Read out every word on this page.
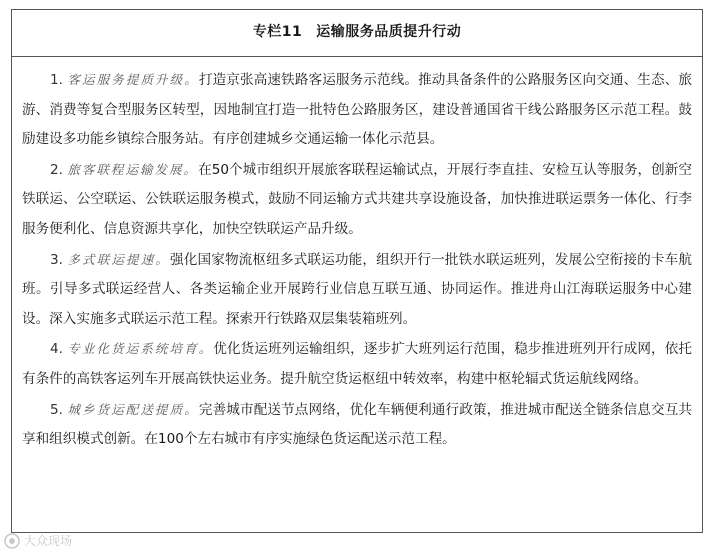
专栏11 运输服务品质提升行动

1. 客运服务提质升级。打造京张高速铁路客运服务示范线。推动具备条件的公路服务区向交通、生态、旅游、消费等复合型服务区转型，因地制宜打造一批特色公路服务区，建设普通国省干线公路服务区示范工程。鼓励建设多功能乡镇综合服务站。有序创建城乡交通运输一体化示范县。

2. 旅客联程运输发展。在50个城市组织开展旅客联程运输试点，开展行李直挂、安检互认等服务，创新空铁联运、公空联运、公铁联运服务模式，鼓励不同运输方式共建共享设施设备，加快推进联运票务一体化、行李服务便利化、信息资源共享化，加快空铁联运产品升级。

3. 多式联运提速。强化国家物流枢纽多式联运功能，组织开行一批铁水联运班列，发展公空衔接的卡车航班。引导多式联运经营人、各类运输企业开展跨行业信息互联互通、协同运作。推进舟山江海联运服务中心建设。深入实施多式联运示范工程。探索开行铁路双层集装箱班列。

4. 专业化货运系统培育。优化货运班列运输组织，逐步扩大班列运行范围，稳步推进班列开行成网，依托有条件的高铁客运列车开展高铁快运业务。提升航空货运枢纽中转效率，构建中枢轮辐式货运航线网络。

5. 城乡货运配送提质。完善城市配送节点网络，优化车辆便利通行政策，推进城市配送全链条信息交互共享和组织模式创新。在100个左右城市有序实施绿色货运配送示范工程。

大众现场
